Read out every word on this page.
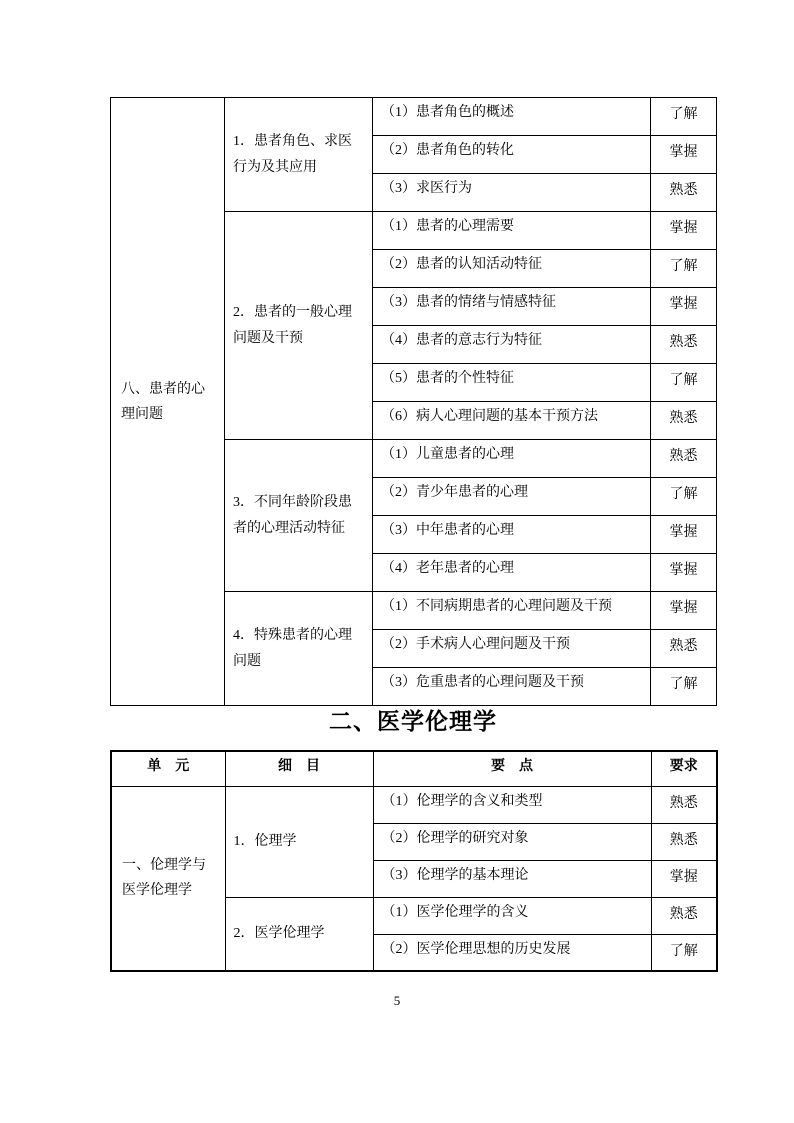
八、患者的心理问题	1．患者角色、求医行为及其应用	（1）患者角色的概述	了解
		（2）患者角色的转化	掌握
		（3）求医行为	熟悉
	2．患者的一般心理问题及干预	（1）患者的心理需要	掌握
		（2）患者的认知活动特征	了解
		（3）患者的情绪与情感特征	掌握
		（4）患者的意志行为特征	熟悉
		（5）患者的个性特征	了解
		（6）病人心理问题的基本干预方法	熟悉
	3．不同年龄阶段患者的心理活动特征	（1）儿童患者的心理	熟悉
		（2）青少年患者的心理	了解
		（3）中年患者的心理	掌握
		（4）老年患者的心理	掌握
	4．特殊患者的心理问题	（1）不同病期患者的心理问题及干预	掌握
		（2）手术病人心理问题及干预	熟悉
		（3）危重患者的心理问题及干预	了解
二、医学伦理学
单　元	细　目	要　点	要求
一、伦理学与医学伦理学	1．伦理学	（1）伦理学的含义和类型	熟悉
		（2）伦理学的研究对象	熟悉
		（3）伦理学的基本理论	掌握
	2．医学伦理学	（1）医学伦理学的含义	熟悉
		（2）医学伦理思想的历史发展	了解
5
